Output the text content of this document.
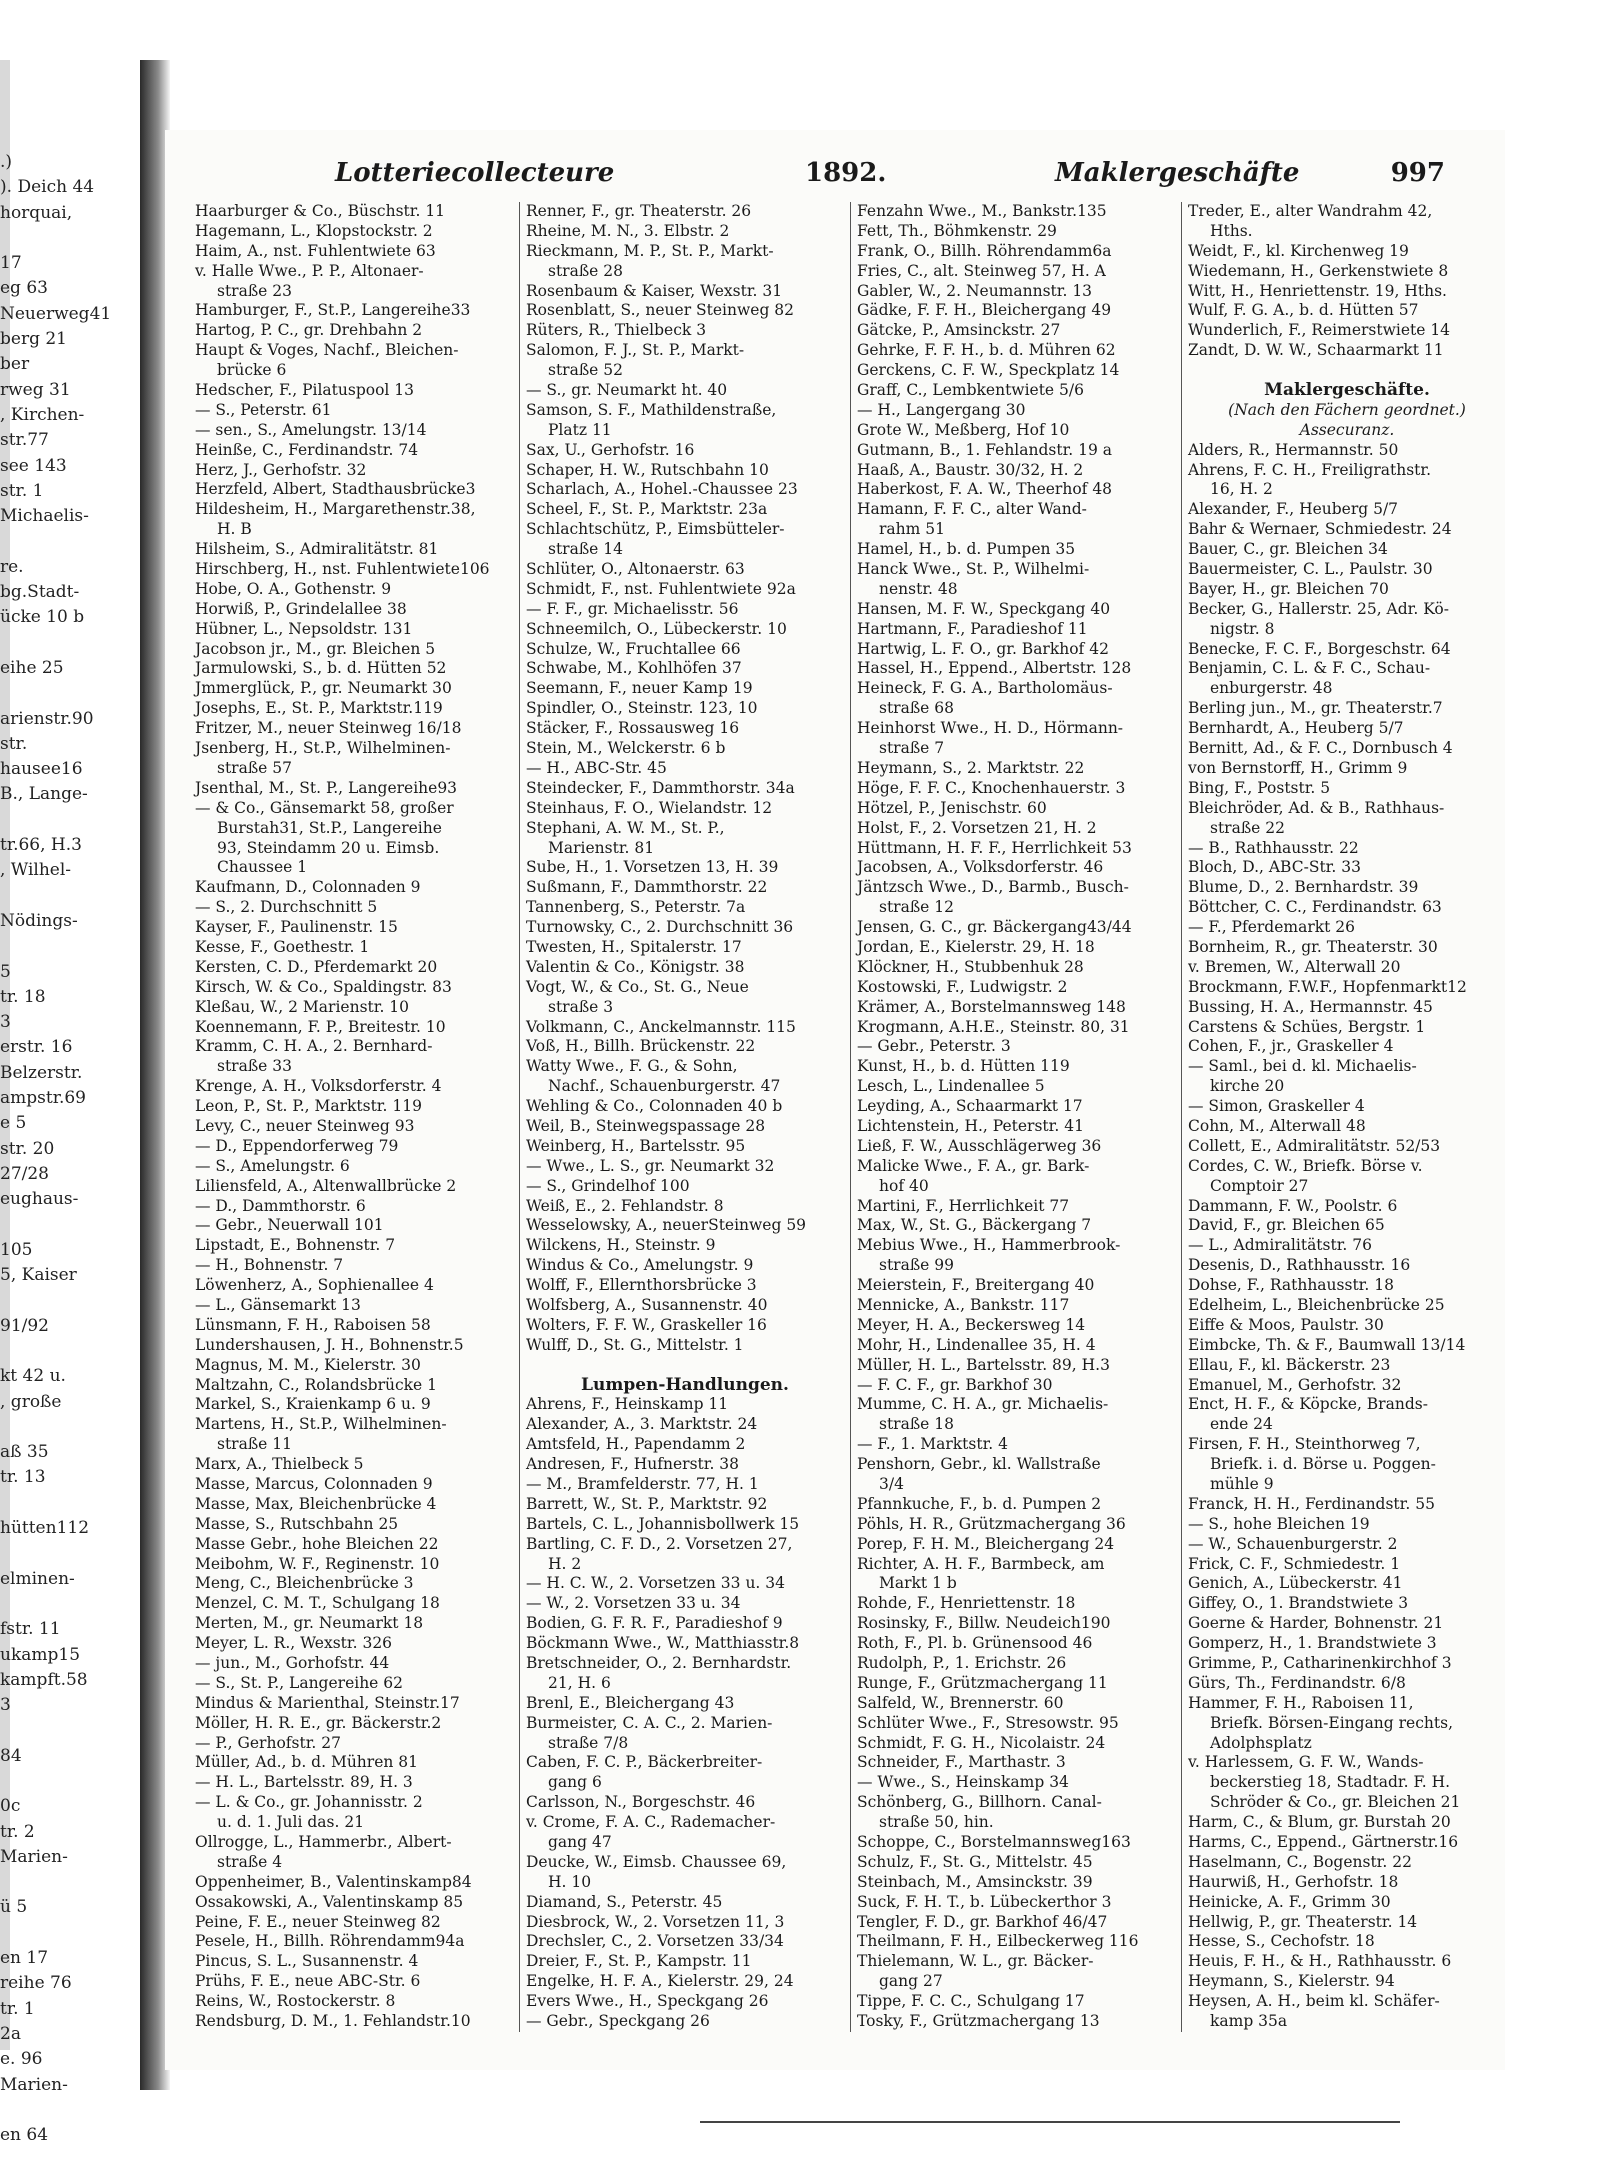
.)
). Deich 44
horquai,
17
eg 63
Neuerweg41
berg 21
ber
rweg 31
, Kirchen-
str.77
see 143
str. 1
Michaelis-
re.
bg.Stadt-
ücke 10 b
eihe 25
arienstr.90
str.
hausee16
B., Lange-
tr.66, H.3
, Wilhel-
Nödings-
5
tr. 18
3
erstr. 16
Belzerstr.
ampstr.69
e 5
str. 20
27/28
eughaus-
105
5, Kaiser
91/92
kt 42 u.
, große
aß 35
tr. 13
hütten112
elminen-
fstr. 11
ukamp15
kampft.58
3
84
0c
tr. 2
Marien-
ü 5
en 17
reihe 76
tr. 1
2a
e. 96
Marien-
en 64
Lotteriecollecteure	1892.	Maklergeschäfte	997
Haarburger & Co., Büschstr. 11
Hagemann, L., Klopstockstr. 2
Haim, A., nst. Fuhlentwiete 63
v. Halle Wwe., P. P., Altonaer-
straße 23
Hamburger, F., St.P., Langereihe33
Hartog, P. C., gr. Drehbahn 2
Haupt & Voges, Nachf., Bleichen-
brücke 6
Hedscher, F., Pilatuspool 13
— S., Peterstr. 61
— sen., S., Amelungstr. 13/14
Heinße, C., Ferdinandstr. 74
Herz, J., Gerhofstr. 32
Herzfeld, Albert, Stadthausbrücke3
Hildesheim, H., Margarethenstr.38,
H. B
Hilsheim, S., Admiralitätstr. 81
Hirschberg, H., nst. Fuhlentwiete106
Hobe, O. A., Gothenstr. 9
Horwiß, P., Grindelallee 38
Hübner, L., Nepsoldstr. 131
Jacobson jr., M., gr. Bleichen 5
Jarmulowski, S., b. d. Hütten 52
Jmmerglück, P., gr. Neumarkt 30
Josephs, E., St. P., Marktstr.119
Fritzer, M., neuer Steinweg 16/18
Jsenberg, H., St.P., Wilhelminen-
straße 57
Jsenthal, M., St. P., Langereihe93
— & Co., Gänsemarkt 58, großer
Burstah31, St.P., Langereihe
93, Steindamm 20 u. Eimsb.
Chaussee 1
Kaufmann, D., Colonnaden 9
— S., 2. Durchschnitt 5
Kayser, F., Paulinenstr. 15
Kesse, F., Goethestr. 1
Kersten, C. D., Pferdemarkt 20
Kirsch, W. & Co., Spaldingstr. 83
Kleßau, W., 2 Marienstr. 10
Koennemann, F. P., Breitestr. 10
Kramm, C. H. A., 2. Bernhard-
straße 33
Krenge, A. H., Volksdorferstr. 4
Leon, P., St. P., Marktstr. 119
Levy, C., neuer Steinweg 93
— D., Eppendorferweg 79
— S., Amelungstr. 6
Liliensfeld, A., Altenwallbrücke 2
— D., Dammthorstr. 6
— Gebr., Neuerwall 101
Lipstadt, E., Bohnenstr. 7
— H., Bohnenstr. 7
Löwenherz, A., Sophienallee 4
— L., Gänsemarkt 13
Lünsmann, F. H., Raboisen 58
Lundershausen, J. H., Bohnenstr.5
Magnus, M. M., Kielerstr. 30
Maltzahn, C., Rolandsbrücke 1
Markel, S., Kraienkamp 6 u. 9
Martens, H., St.P., Wilhelminen-
straße 11
Marx, A., Thielbeck 5
Masse, Marcus, Colonnaden 9
Masse, Max, Bleichenbrücke 4
Masse, S., Rutschbahn 25
Masse Gebr., hohe Bleichen 22
Meibohm, W. F., Reginenstr. 10
Meng, C., Bleichenbrücke 3
Menzel, C. M. T., Schulgang 18
Merten, M., gr. Neumarkt 18
Meyer, L. R., Wexstr. 326
— jun., M., Gorhofstr. 44
— S., St. P., Langereihe 62
Mindus & Marienthal, Steinstr.17
Möller, H. R. E., gr. Bäckerstr.2
— P., Gerhofstr. 27
Müller, Ad., b. d. Mühren 81
— H. L., Bartelsstr. 89, H. 3
— L. & Co., gr. Johannisstr. 2
u. d. 1. Juli das. 21
Ollrogge, L., Hammerbr., Albert-
straße 4
Oppenheimer, B., Valentinskamp84
Ossakowski, A., Valentinskamp 85
Peine, F. E., neuer Steinweg 82
Pesele, H., Billh. Röhrendamm94a
Pincus, S. L., Susannenstr. 4
Prühs, F. E., neue ABC-Str. 6
Reins, W., Rostockerstr. 8
Rendsburg, D. M., 1. Fehlandstr.10
Renner, F., gr. Theaterstr. 26
Rheine, M. N., 3. Elbstr. 2
Rieckmann, M. P., St. P., Markt-
straße 28
Rosenbaum & Kaiser, Wexstr. 31
Rosenblatt, S., neuer Steinweg 82
Rüters, R., Thielbeck 3
Salomon, F. J., St. P., Markt-
straße 52
— S., gr. Neumarkt ht. 40
Samson, S. F., Mathildenstraße,
Platz 11
Sax, U., Gerhofstr. 16
Schaper, H. W., Rutschbahn 10
Scharlach, A., Hohel.-Chaussee 23
Scheel, F., St. P., Marktstr. 23a
Schlachtschütz, P., Eimsbütteler-
straße 14
Schlüter, O., Altonaerstr. 63
Schmidt, F., nst. Fuhlentwiete 92a
— F. F., gr. Michaelisstr. 56
Schneemilch, O., Lübeckerstr. 10
Schulze, W., Fruchtallee 66
Schwabe, M., Kohlhöfen 37
Seemann, F., neuer Kamp 19
Spindler, O., Steinstr. 123, 10
Stäcker, F., Rossausweg 16
Stein, M., Welckerstr. 6 b
— H., ABC-Str. 45
Steindecker, F., Dammthorstr. 34a
Steinhaus, F. O., Wielandstr. 12
Stephani, A. W. M., St. P.,
Marienstr. 81
Sube, H., 1. Vorsetzen 13, H. 39
Sußmann, F., Dammthorstr. 22
Tannenberg, S., Peterstr. 7a
Turnowsky, C., 2. Durchschnitt 36
Twesten, H., Spitalerstr. 17
Valentin & Co., Königstr. 38
Vogt, W., & Co., St. G., Neue
straße 3
Volkmann, C., Anckelmannstr. 115
Voß, H., Billh. Brückenstr. 22
Watty Wwe., F. G., & Sohn,
Nachf., Schauenburgerstr. 47
Wehling & Co., Colonnaden 40 b
Weil, B., Steinwegspassage 28
Weinberg, H., Bartelsstr. 95
— Wwe., L. S., gr. Neumarkt 32
— S., Grindelhof 100
Weiß, E., 2. Fehlandstr. 8
Wesselowsky, A., neuerSteinweg 59
Wilckens, H., Steinstr. 9
Windus & Co., Amelungstr. 9
Wolff, F., Ellernthorsbrücke 3
Wolfsberg, A., Susannenstr. 40
Wolters, F. F. W., Graskeller 16
Wulff, D., St. G., Mittelstr. 1
Lumpen-Handlungen.
Ahrens, F., Heinskamp 11
Alexander, A., 3. Marktstr. 24
Amtsfeld, H., Papendamm 2
Andresen, F., Hufnerstr. 38
— M., Bramfelderstr. 77, H. 1
Barrett, W., St. P., Marktstr. 92
Bartels, C. L., Johannisbollwerk 15
Bartling, C. F. D., 2. Vorsetzen 27,
H. 2
— H. C. W., 2. Vorsetzen 33 u. 34
— W., 2. Vorsetzen 33 u. 34
Bodien, G. F. R. F., Paradieshof 9
Böckmann Wwe., W., Matthiasstr.8
Bretschneider, O., 2. Bernhardstr.
21, H. 6
Brenl, E., Bleichergang 43
Burmeister, C. A. C., 2. Marien-
straße 7/8
Caben, F. C. P., Bäckerbreiter-
gang 6
Carlsson, N., Borgeschstr. 46
v. Crome, F. A. C., Rademacher-
gang 47
Deucke, W., Eimsb. Chaussee 69,
H. 10
Diamand, S., Peterstr. 45
Diesbrock, W., 2. Vorsetzen 11, 3
Drechsler, C., 2. Vorsetzen 33/34
Dreier, F., St. P., Kampstr. 11
Engelke, H. F. A., Kielerstr. 29, 24
Evers Wwe., H., Speckgang 26
— Gebr., Speckgang 26
Fenzahn Wwe., M., Bankstr.135
Fett, Th., Böhmkenstr. 29
Frank, O., Billh. Röhrendamm6a
Fries, C., alt. Steinweg 57, H. A
Gabler, W., 2. Neumannstr. 13
Gädke, F. F. H., Bleichergang 49
Gätcke, P., Amsinckstr. 27
Gehrke, F. F. H., b. d. Mühren 62
Gerckens, C. F. W., Speckplatz 14
Graff, C., Lembkentwiete 5/6
— H., Langergang 30
Grote W., Meßberg, Hof 10
Gutmann, B., 1. Fehlandstr. 19 a
Haaß, A., Baustr. 30/32, H. 2
Haberkost, F. A. W., Theerhof 48
Hamann, F. F. C., alter Wand-
rahm 51
Hamel, H., b. d. Pumpen 35
Hanck Wwe., St. P., Wilhelmi-
nenstr. 48
Hansen, M. F. W., Speckgang 40
Hartmann, F., Paradieshof 11
Hartwig, L. F. O., gr. Barkhof 42
Hassel, H., Eppend., Albertstr. 128
Heineck, F. G. A., Bartholomäus-
straße 68
Heinhorst Wwe., H. D., Hörmann-
straße 7
Heymann, S., 2. Marktstr. 22
Höge, F. F. C., Knochenhauerstr. 3
Hötzel, P., Jenischstr. 60
Holst, F., 2. Vorsetzen 21, H. 2
Hüttmann, H. F. F., Herrlichkeit 53
Jacobsen, A., Volksdorferstr. 46
Jäntzsch Wwe., D., Barmb., Busch-
straße 12
Jensen, G. C., gr. Bäckergang43/44
Jordan, E., Kielerstr. 29, H. 18
Klöckner, H., Stubbenhuk 28
Kostowski, F., Ludwigstr. 2
Krämer, A., Borstelmannsweg 148
Krogmann, A.H.E., Steinstr. 80, 31
— Gebr., Peterstr. 3
Kunst, H., b. d. Hütten 119
Lesch, L., Lindenallee 5
Leyding, A., Schaarmarkt 17
Lichtenstein, H., Peterstr. 41
Ließ, F. W., Ausschlägerweg 36
Malicke Wwe., F. A., gr. Bark-
hof 40
Martini, F., Herrlichkeit 77
Max, W., St. G., Bäckergang 7
Mebius Wwe., H., Hammerbrook-
straße 99
Meierstein, F., Breitergang 40
Mennicke, A., Bankstr. 117
Meyer, H. A., Beckersweg 14
Mohr, H., Lindenallee 35, H. 4
Müller, H. L., Bartelsstr. 89, H.3
— F. C. F., gr. Barkhof 30
Mumme, C. H. A., gr. Michaelis-
straße 18
— F., 1. Marktstr. 4
Penshorn, Gebr., kl. Wallstraße
3/4
Pfannkuche, F., b. d. Pumpen 2
Pöhls, H. R., Grützmachergang 36
Porep, F. H. M., Bleichergang 24
Richter, A. H. F., Barmbeck, am
Markt 1 b
Rohde, F., Henriettenstr. 18
Rosinsky, F., Billw. Neudeich190
Roth, F., Pl. b. Grünensood 46
Rudolph, P., 1. Erichstr. 26
Runge, F., Grützmachergang 11
Salfeld, W., Brennerstr. 60
Schlüter Wwe., F., Stresowstr. 95
Schmidt, F. G. H., Nicolaistr. 24
Schneider, F., Marthastr. 3
— Wwe., S., Heinskamp 34
Schönberg, G., Billhorn. Canal-
straße 50, hin.
Schoppe, C., Borstelmannsweg163
Schulz, F., St. G., Mittelstr. 45
Steinbach, M., Amsinckstr. 39
Suck, F. H. T., b. Lübeckerthor 3
Tengler, F. D., gr. Barkhof 46/47
Theilmann, F. H., Eilbeckerweg 116
Thielemann, W. L., gr. Bäcker-
gang 27
Tippe, F. C. C., Schulgang 17
Tosky, F., Grützmachergang 13
Treder, E., alter Wandrahm 42,
Hths.
Weidt, F., kl. Kirchenweg 19
Wiedemann, H., Gerkenstwiete 8
Witt, H., Henriettenstr. 19, Hths.
Wulf, F. G. A., b. d. Hütten 57
Wunderlich, F., Reimerstwiete 14
Zandt, D. W. W., Schaarmarkt 11
Maklergeschäfte.
(Nach den Fächern geordnet.)
Assecuranz.
Alders, R., Hermannstr. 50
Ahrens, F. C. H., Freiligrathstr.
16, H. 2
Alexander, F., Heuberg 5/7
Bahr & Wernaer, Schmiedestr. 24
Bauer, C., gr. Bleichen 34
Bauermeister, C. L., Paulstr. 30
Bayer, H., gr. Bleichen 70
Becker, G., Hallerstr. 25, Adr. Kö-
nigstr. 8
Benecke, F. C. F., Borgeschstr. 64
Benjamin, C. L. & F. C., Schau-
enburgerstr. 48
Berling jun., M., gr. Theaterstr.7
Bernhardt, A., Heuberg 5/7
Bernitt, Ad., & F. C., Dornbusch 4
von Bernstorff, H., Grimm 9
Bing, F., Poststr. 5
Bleichröder, Ad. & B., Rathhaus-
straße 22
— B., Rathhausstr. 22
Bloch, D., ABC-Str. 33
Blume, D., 2. Bernhardstr. 39
Böttcher, C. C., Ferdinandstr. 63
— F., Pferdemarkt 26
Bornheim, R., gr. Theaterstr. 30
v. Bremen, W., Alterwall 20
Brockmann, F.W.F., Hopfenmarkt12
Bussing, H. A., Hermannstr. 45
Carstens & Schües, Bergstr. 1
Cohen, F., jr., Graskeller 4
— Saml., bei d. kl. Michaelis-
kirche 20
— Simon, Graskeller 4
Cohn, M., Alterwall 48
Collett, E., Admiralitätstr. 52/53
Cordes, C. W., Briefk. Börse v.
Comptoir 27
Dammann, F. W., Poolstr. 6
David, F., gr. Bleichen 65
— L., Admiralitätstr. 76
Desenis, D., Rathhausstr. 16
Dohse, F., Rathhausstr. 18
Edelheim, L., Bleichenbrücke 25
Eiffe & Moos, Paulstr. 30
Eimbcke, Th. & F., Baumwall 13/14
Ellau, F., kl. Bäckerstr. 23
Emanuel, M., Gerhofstr. 32
Enct, H. F., & Köpcke, Brands-
ende 24
Firsen, F. H., Steinthorweg 7,
Briefk. i. d. Börse u. Poggen-
mühle 9
Franck, H. H., Ferdinandstr. 55
— S., hohe Bleichen 19
— W., Schauenburgerstr. 2
Frick, C. F., Schmiedestr. 1
Genich, A., Lübeckerstr. 41
Giffey, O., 1. Brandstwiete 3
Goerne & Harder, Bohnenstr. 21
Gomperz, H., 1. Brandstwiete 3
Grimme, P., Catharinenkirchhof 3
Gürs, Th., Ferdinandstr. 6/8
Hammer, F. H., Raboisen 11,
Briefk. Börsen-Eingang rechts,
Adolphsplatz
v. Harlessem, G. F. W., Wands-
beckerstieg 18, Stadtadr. F. H.
Schröder & Co., gr. Bleichen 21
Harm, C., & Blum, gr. Burstah 20
Harms, C., Eppend., Gärtnerstr.16
Haselmann, C., Bogenstr. 22
Haurwiß, H., Gerhofstr. 18
Heinicke, A. F., Grimm 30
Hellwig, P., gr. Theaterstr. 14
Hesse, S., Cechofstr. 18
Heuis, F. H., & H., Rathhausstr. 6
Heymann, S., Kielerstr. 94
Heysen, A. H., beim kl. Schäfer-
kamp 35a
